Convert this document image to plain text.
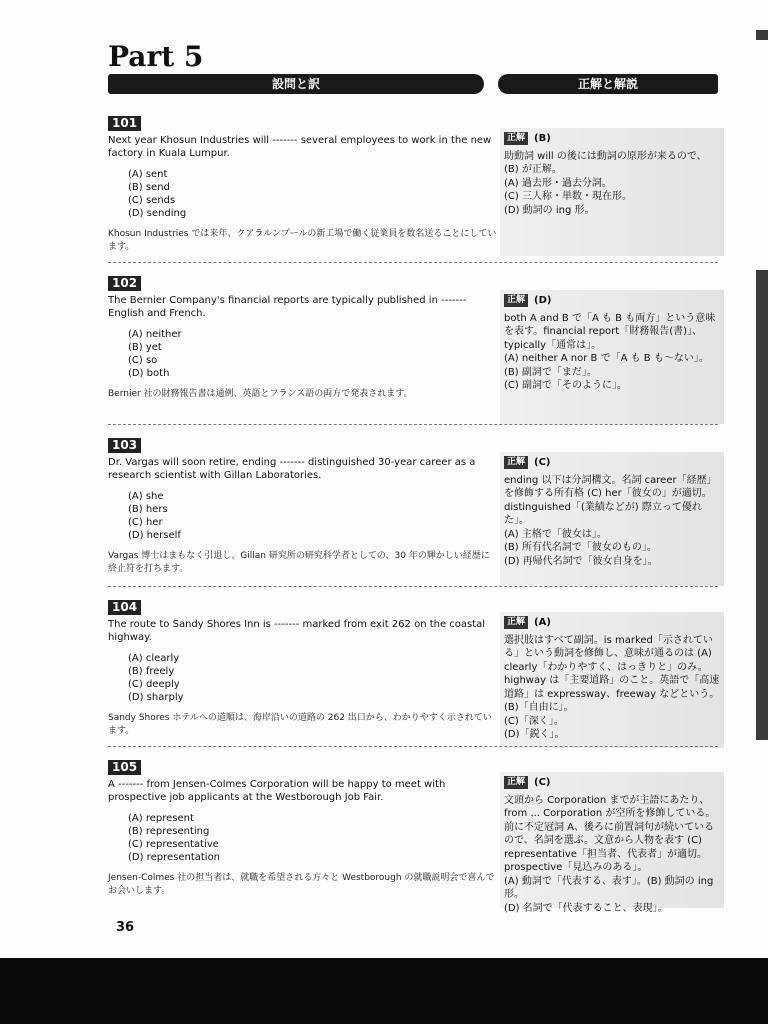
Part 5
設問と訳	正解と解説
101
Next year Khosun Industries will ------- several employees to work in the new factory in Kuala Lumpur.
(A) sent
(B) send
(C) sends
(D) sending
Khosun Industries では来年、クアラルンプールの新工場で働く従業員を数名送ることにしています。
正解 (B)

助動詞 will の後には動詞の原形が来るので、(B) が正解。

(A) 過去形・過去分詞。

(C) 三人称・単数・現在形。

(D) 動詞の ing 形。

102
The Bernier Company's financial reports are typically published in ------- English and French.
(A) neither
(B) yet
(C) so
(D) both
Bernier 社の財務報告書は通例、英語とフランス語の両方で発表されます。
正解 (D)

both A and B で「A も B も両方」という意味を表す。financial report「財務報告(書)」、typically「通常は」。

(A) neither A nor B で「A も B も〜ない」。

(B) 副詞で「まだ」。

(C) 副詞で「そのように」。

103
Dr. Vargas will soon retire, ending ------- distinguished 30-year career as a research scientist with Gillan Laboratories.
(A) she
(B) hers
(C) her
(D) herself
Vargas 博士はまもなく引退し、Gillan 研究所の研究科学者としての、30 年の輝かしい経歴に終止符を打ちます。
正解 (C)

ending 以下は分詞構文。名詞 career「経歴」を修飾する所有格 (C) her「彼女の」が適切。distinguished「(業績などが) 際立って優れた」。

(A) 主格で「彼女は」。

(B) 所有代名詞で「彼女のもの」。

(D) 再帰代名詞で「彼女自身を」。

104
The route to Sandy Shores Inn is ------- marked from exit 262 on the coastal highway.
(A) clearly
(B) freely
(C) deeply
(D) sharply
Sandy Shores ホテルへの道順は、海岸沿いの道路の 262 出口から、わかりやすく示されています。
正解 (A)

選択肢はすべて副詞。is marked「示されている」という動詞を修飾し、意味が通るのは (A) clearly「わかりやすく、はっきりと」のみ。highway は「主要道路」のこと。英語で「高速道路」は expressway、freeway などという。

(B)「自由に」。

(C)「深く」。

(D)「鋭く」。

105
A ------- from Jensen-Colmes Corporation will be happy to meet with prospective job applicants at the Westborough Job Fair.
(A) represent
(B) representing
(C) representative
(D) representation
Jensen-Colmes 社の担当者は、就職を希望される方々と Westborough の就職説明会で喜んでお会いします。
正解 (C)

文頭から Corporation までが主語にあたり、from ... Corporation が空所を修飾している。前に不定冠詞 A、後ろに前置詞句が続いているので、名詞を選ぶ。文意から人物を表す (C) representative「担当者、代表者」が適切。prospective「見込みのある」。

(A) 動詞で「代表する、表す」。(B) 動詞の ing 形。

(D) 名詞で「代表すること、表現」。

36
